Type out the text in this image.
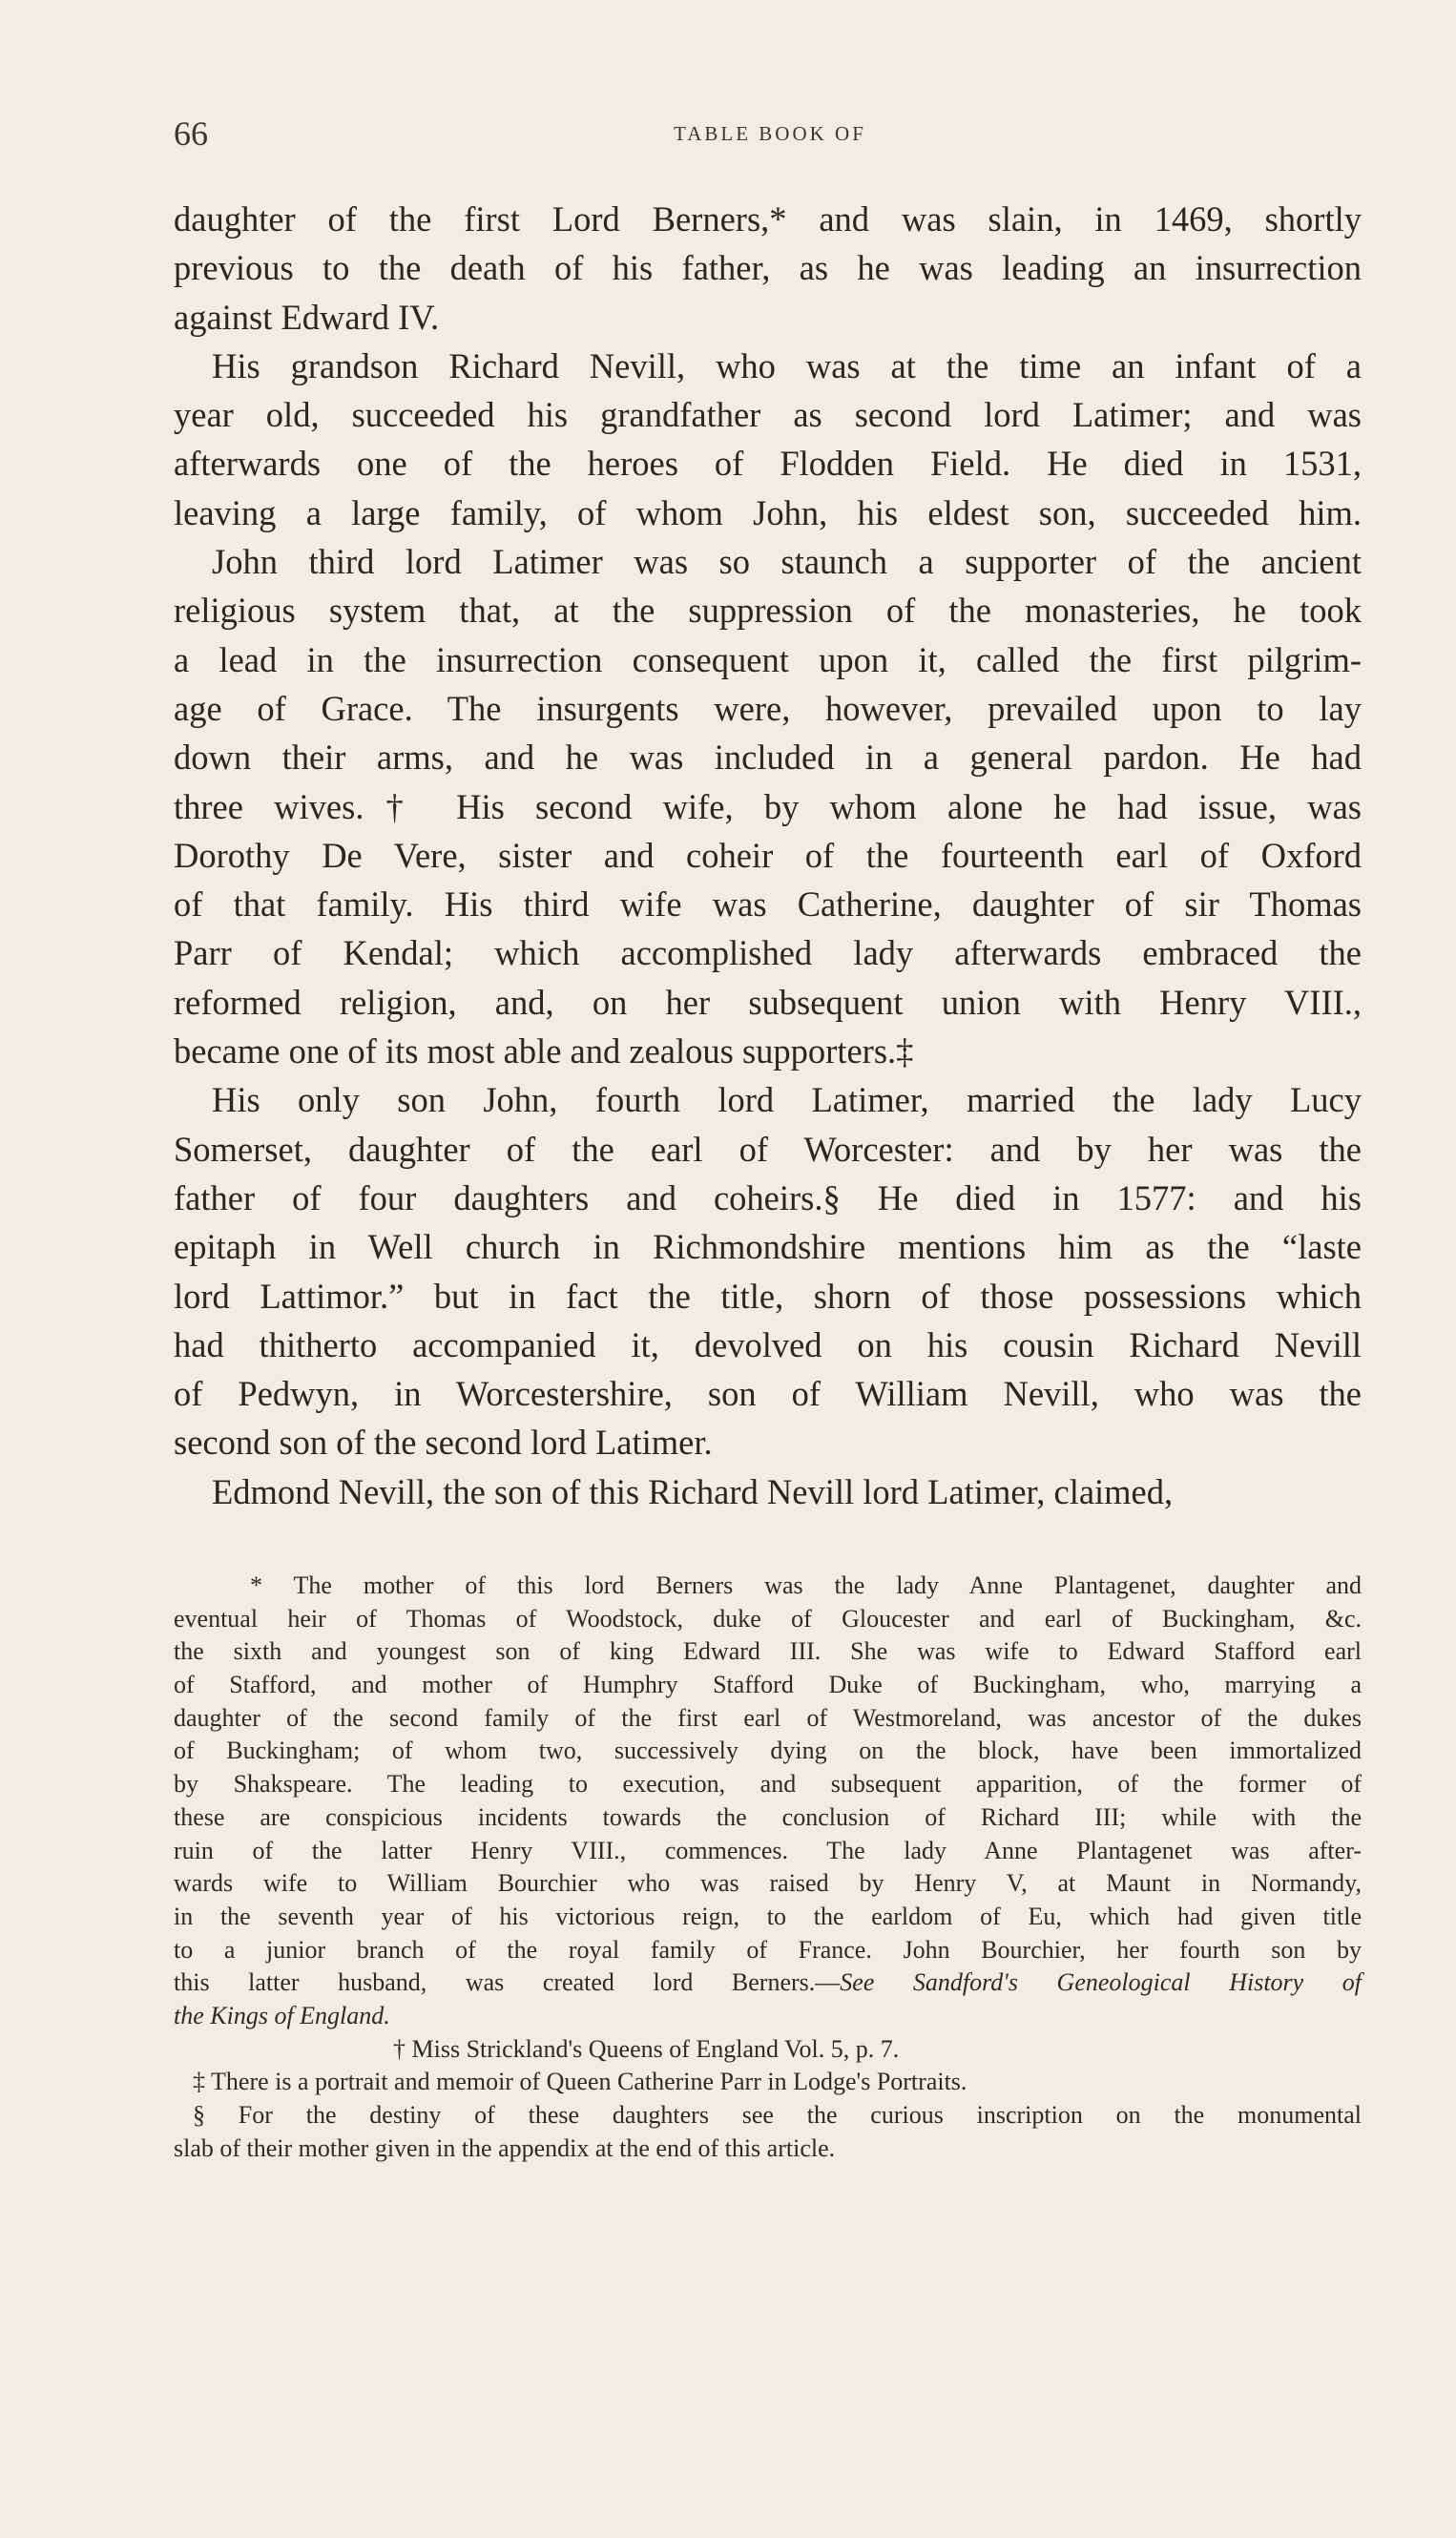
66	TABLE BOOK OF
daughter of the first Lord Berners,* and was slain, in 1469, shortly
previous to the death of his father, as he was leading an insurrection
against Edward IV.
His grandson Richard Nevill, who was at the time an infant of a
year old, succeeded his grandfather as second lord Latimer; and was
afterwards one of the heroes of Flodden Field. He died in 1531,
leaving a large family, of whom John, his eldest son, succeeded him.
John third lord Latimer was so staunch a supporter of the ancient
religious system that, at the suppression of the monasteries, he took
a lead in the insurrection consequent upon it, called the first pilgrim-
age of Grace. The insurgents were, however, prevailed upon to lay
down their arms, and he was included in a general pardon. He had
three wives.† His second wife, by whom alone he had issue, was
Dorothy De Vere, sister and coheir of the fourteenth earl of Oxford
of that family. His third wife was Catherine, daughter of sir Thomas
Parr of Kendal; which accomplished lady afterwards embraced the
reformed religion, and, on her subsequent union with Henry VIII.,
became one of its most able and zealous supporters.‡
His only son John, fourth lord Latimer, married the lady Lucy
Somerset, daughter of the earl of Worcester: and by her was the
father of four daughters and coheirs.§ He died in 1577: and his
epitaph in Well church in Richmondshire mentions him as the “laste
lord Lattimor.” but in fact the title, shorn of those possessions which
had thitherto accompanied it, devolved on his cousin Richard Nevill
of Pedwyn, in Worcestershire, son of William Nevill, who was the
second son of the second lord Latimer.
Edmond Nevill, the son of this Richard Nevill lord Latimer, claimed,
* The mother of this lord Berners was the lady Anne Plantagenet, daughter and
eventual heir of Thomas of Woodstock, duke of Gloucester and earl of Buckingham, &c.
the sixth and youngest son of king Edward III. She was wife to Edward Stafford earl
of Stafford, and mother of Humphry Stafford Duke of Buckingham, who, marrying a
daughter of the second family of the first earl of Westmoreland, was ancestor of the dukes
of Buckingham; of whom two, successively dying on the block, have been immortalized
by Shakspeare. The leading to execution, and subsequent apparition, of the former of
these are conspicious incidents towards the conclusion of Richard III; while with the
ruin of the latter Henry VIII., commences. The lady Anne Plantagenet was after-
wards wife to William Bourchier who was raised by Henry V, at Maunt in Normandy,
in the seventh year of his victorious reign, to the earldom of Eu, which had given title
to a junior branch of the royal family of France. John Bourchier, her fourth son by
this latter husband, was created lord Berners.—See Sandford's Geneological History of
the Kings of England.
† Miss Strickland's Queens of England Vol. 5, p. 7.
‡ There is a portrait and memoir of Queen Catherine Parr in Lodge's Portraits.
§ For the destiny of these daughters see the curious inscription on the monumental
slab of their mother given in the appendix at the end of this article.
